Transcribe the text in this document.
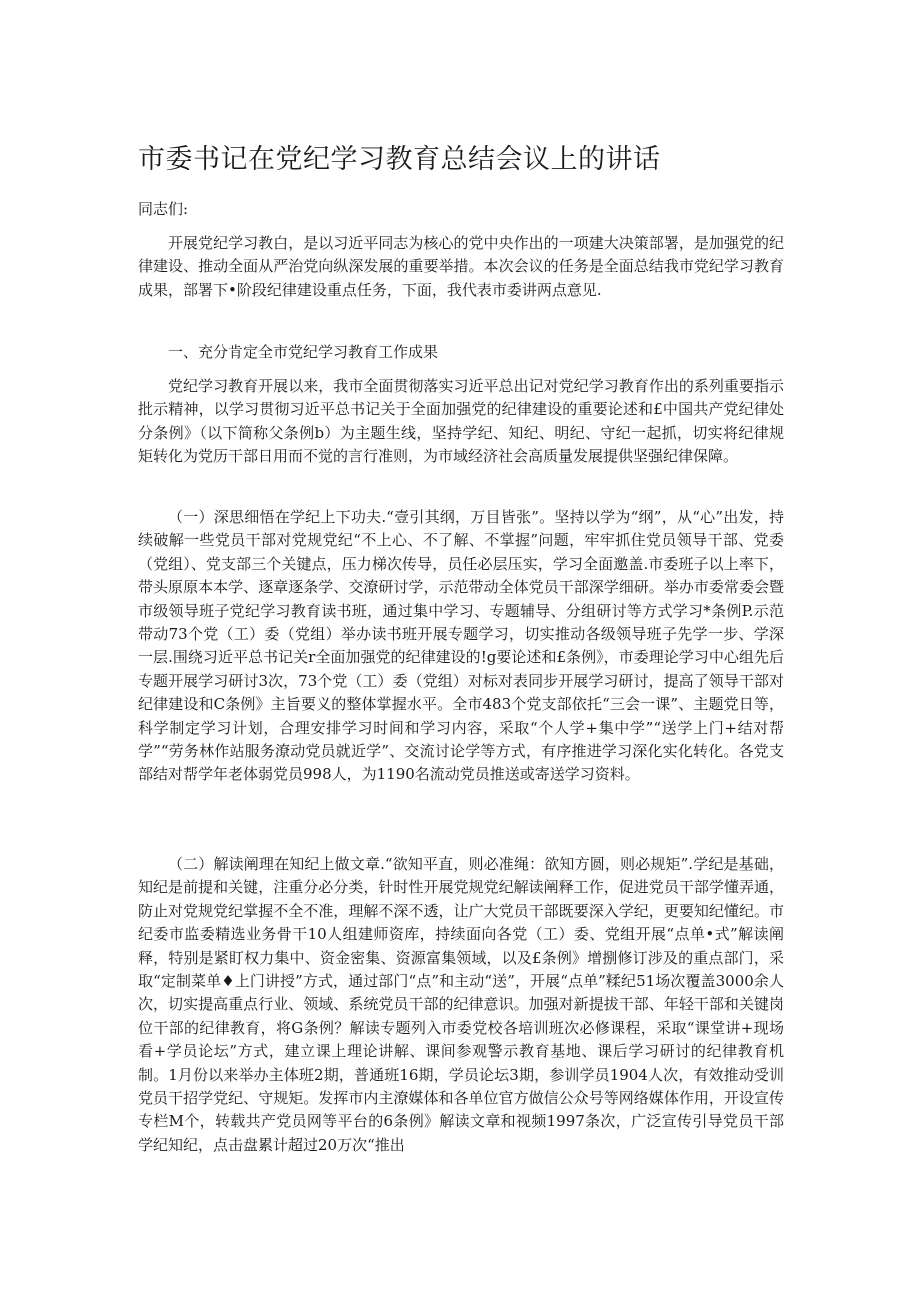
市委书记在党纪学习教育总结会议上的讲话

同志们:

开展党纪学习教白，是以习近平同志为核心的党中央作出的一项建大决策部署，是加强党的纪律建设、推动全面从严治党向纵深发展的重要举措。本次会议的任务是全面总结我市党纪学习教育成果，部署下•阶段纪律建设重点任务，下面，我代表市委讲两点意见.

一、充分肯定全市党纪学习教育工作成果

党纪学习教育开展以来，我市全面贯彻落实习近平总出记对党纪学习教育作出的系列重要指示批示精神，以学习贯彻习近平总书记关于全面加强党的纪律建设的重要论述和£中国共产党纪律处分条例》（以下简称父条例b）为主题生线，坚持学纪、知纪、明纪、守纪一起抓，切实将纪律规矩转化为党历干部日用而不觉的言行准则，为市域经济社会高质量发展提供坚强纪律保障。

（一）深思细悟在学纪上下功夫.“壹引其纲，万目皆张”。坚持以学为“纲”，从“心”出发，持续破解一些党员干部对党规党纪“不上心、不了解、不掌握”问题，牢牢抓住党员领导干部、党委（党组）、党支部三个关键点，压力梯次传导，员任必层压实，学习全面邀盖.市委班子以上率下，带头原原本本学、逐章逐条学、交潦研讨学，示范带动全体党员干部深学细研。举办市委常委会暨市级领导班子党纪学习教育读书班，通过集中学习、专题辅导、分组研讨等方式学习*条例P.示范带动73个党（工）委（党组）举办读书班开展专题学习，切实推动各级领导班子先学一步、学深一层.围绕习近平总书记关r全面加强党的纪律建设的!g要论述和£条例》，市委理论学习中心组先后专题开展学习研讨3次，73个党（工）委（党组）对标对表同步开展学习研讨，提高了领导干部对纪律建设和C条例》主旨要义的整体掌握水平。全市483个党支部依托“三会一课”、主题党日等，科学制定学习计划，合理安排学习时间和学习内容，采取“个人学+集中学”“送学上门+结对帮学”“劳务林作站服务潦动党员就近学”、交流讨论学等方式，有序推进学习深化实化转化。各党支部结对帮学年老体弱党员998人，为1190名流动党员推送或寄送学习资料。

（二）解读阐理在知纪上做文章.“欲知平直，则必准绳：欲知方圆，则必规矩”.学纪是基础，知纪是前提和关键，注重分必分类，针时性开展党规党纪解读阐释工作，促进党员干部学懂弄通，防止对党规党纪掌握不全不准，理解不深不透，让广大党员干部既要深入学纪，更要知纪懂纪。市纪委市监委精选业务骨干10人组建师资库，持续面向各党（工）委、党组开展“点单•式”解读阐释，特别是紧盯权力集中、资金密集、资源富集领域，以及£条例》增捌修订涉及的重点部门，采取“定制菜单♦上门讲授”方式，通过部门“点”和主动“送”，开展“点单”糅纪51场次覆盖3000余人次，切实提高重点行业、领域、系统党员干部的纪律意识。加强对新提拔干部、年轻干部和关键岗位干部的纪律教育，将G条例？解读专题列入市委党校各培训班次必修课程，采取“课堂讲+现场看+学员论坛”方式，建立课上理论讲解、课间参观警示教育基地、课后学习研讨的纪律教育机制。1月份以来举办主体班2期，普通班16期，学员论坛3期，参训学员1904人次，有效推动受训党员干招学党纪、守规矩。发挥市内主潦媒体和各单位官方做信公众号等网络媒体作用，开设宣传专栏M个，转载共产党员网等平台的6条例》解读文章和视频1997条次，广泛宣传引导党员干部学纪知纪，点击盘累计超过20万次“推出
